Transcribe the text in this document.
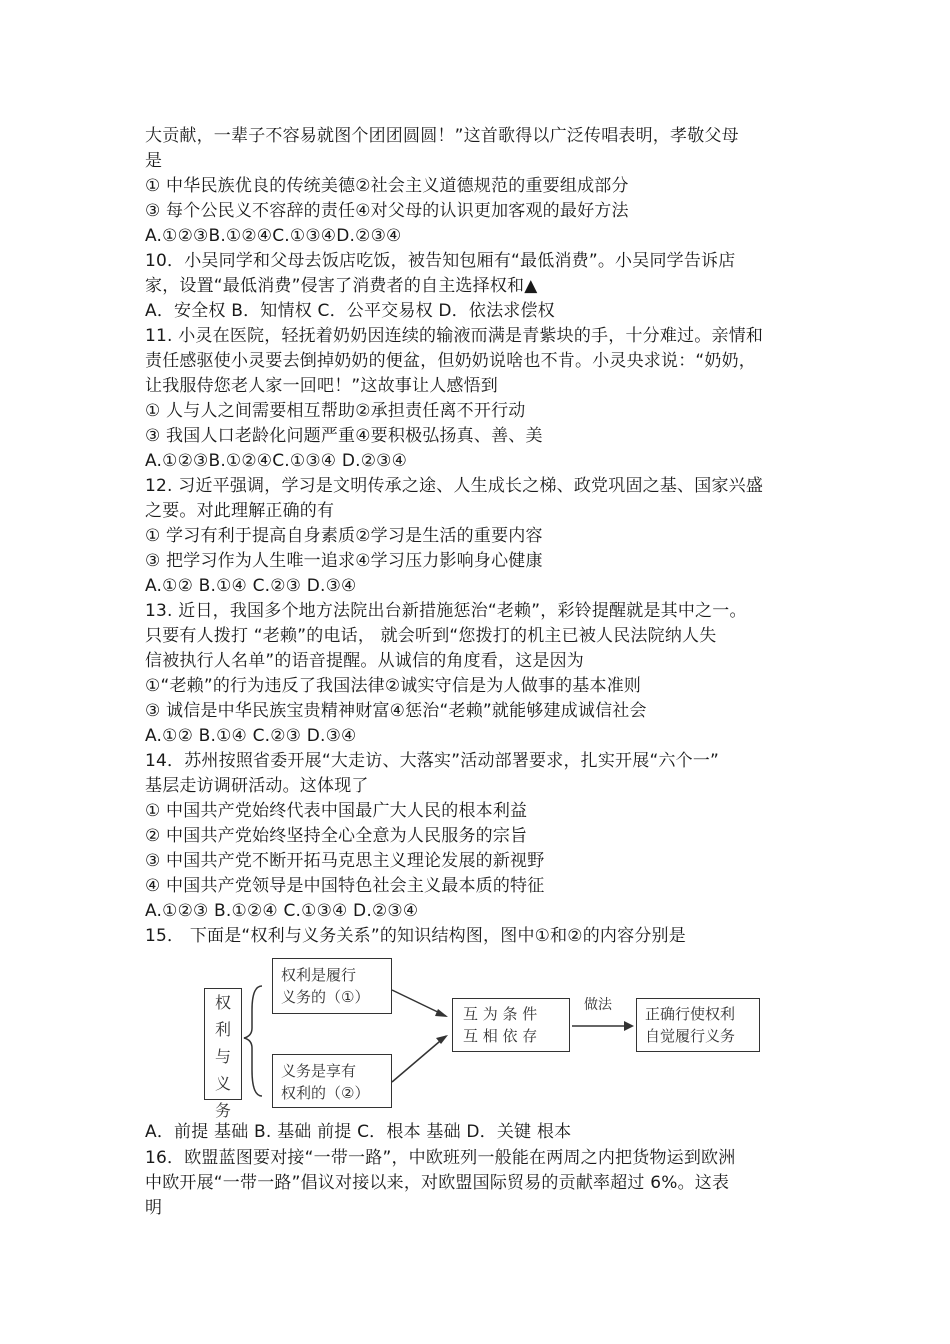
大贡献，一辈子不容易就图个团团圆圆！”这首歌得以广泛传唱表明，孝敬父母
是
① 中华民族优良的传统美德②社会主义道德规范的重要组成部分
③ 每个公民义不容辞的责任④对父母的认识更加客观的最好方法
A.①②③B.①②④C.①③④D.②③④
10．小吴同学和父母去饭店吃饭，被告知包厢有“最低消费”。小吴同学告诉店
家，设置“最低消费”侵害了消费者的自主选择权和▲
A．安全权 B．知情权 C．公平交易权 D．依法求偿权
11. 小灵在医院，轻抚着奶奶因连续的输液而满是青紫块的手，十分难过。亲情和
责任感驱使小灵要去倒掉奶奶的便盆，但奶奶说啥也不肯。小灵央求说：“奶奶，
让我服侍您老人家一回吧！”这故事让人感悟到
① 人与人之间需要相互帮助②承担责任离不开行动
③ 我国人口老龄化问题严重④要积极弘扬真、善、美
A.①②③B.①②④C.①③④ D.②③④
12. 习近平强调，学习是文明传承之途、人生成长之梯、政党巩固之基、国家兴盛
之要。对此理解正确的有
① 学习有利于提高自身素质②学习是生活的重要内容
③ 把学习作为人生唯一追求④学习压力影响身心健康
A.①② B.①④ C.②③ D.③④
13. 近日，我国多个地方法院出台新措施惩治“老赖”，彩铃提醒就是其中之一。
只要有人拨打 “老赖”的电话， 就会听到“您拨打的机主已被人民法院纳人失
信被执行人名单”的语音提醒。从诚信的角度看，这是因为
①“老赖”的行为违反了我国法律②诚实守信是为人做事的基本准则
③ 诚信是中华民族宝贵精神财富④惩治“老赖”就能够建成诚信社会
A.①② B.①④ C.②③ D.③④
14．苏州按照省委开展“大走访、大落实”活动部署要求，扎实开展“六个一”
基层走访调研活动。这体现了
① 中国共产党始终代表中国最广大人民的根本利益
② 中国共产党始终坚持全心全意为人民服务的宗旨
③ 中国共产党不断开拓马克思主义理论发展的新视野
④ 中国共产党领导是中国特色社会主义最本质的特征
A.①②③ B.①②④ C.①③④ D.②③④
15． 下面是“权利与义务关系”的知识结构图，图中①和②的内容分别是
权
利
与
义
务
权利是履行
义务的（①）
义务是享有
权利的（②）
互 为 条 件
互 相 依 存
做法 正确行使权利
自觉履行义务
A．前提 基础 B. 基础 前提 C．根本 基础 D．关键 根本
16．欧盟蓝图要对接“一带一路”，中欧班列一般能在两周之内把货物运到欧洲
中欧开展“一带一路”倡议对接以来，对欧盟国际贸易的贡献率超过 6%。这表
明
